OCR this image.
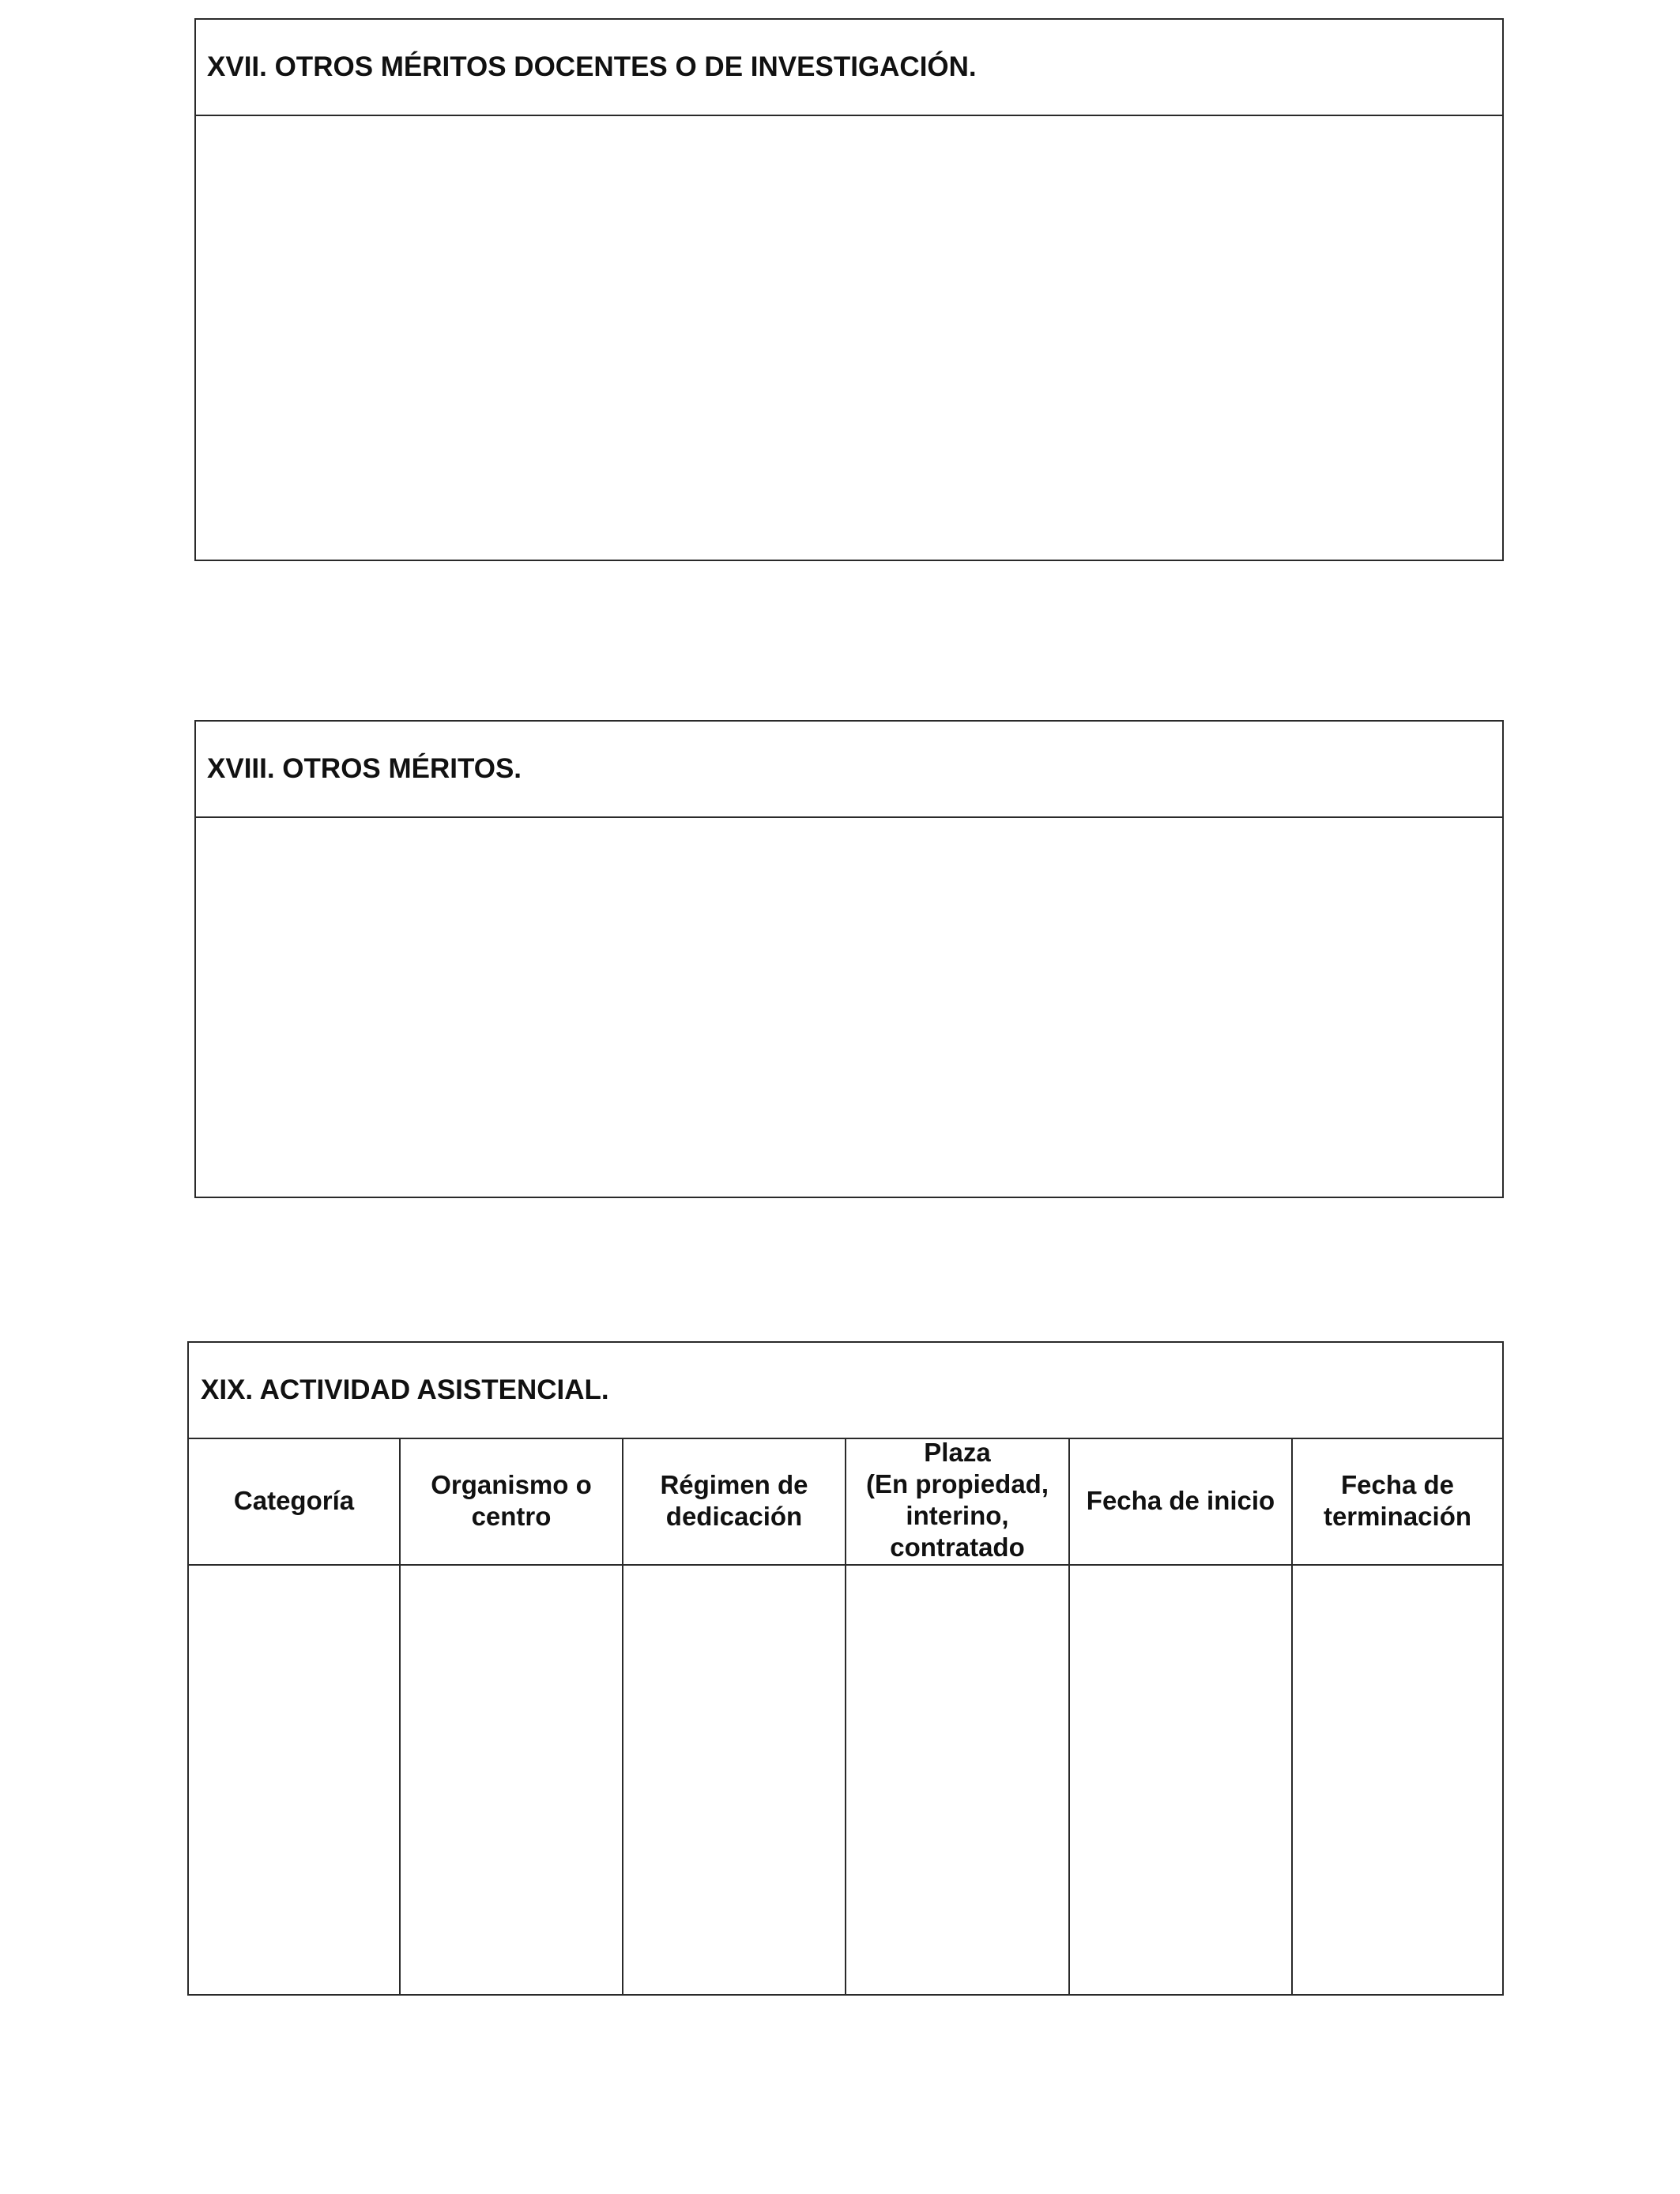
XVII. OTROS MÉRITOS DOCENTES O DE INVESTIGACIÓN.
XVIII. OTROS MÉRITOS.
XIX. ACTIVIDAD ASISTENCIAL.
Categoría
Organismo o
centro
Régimen de
dedicación
Plaza
(En propiedad,
interino,
contratado
Fecha de inicio
Fecha de
terminación
